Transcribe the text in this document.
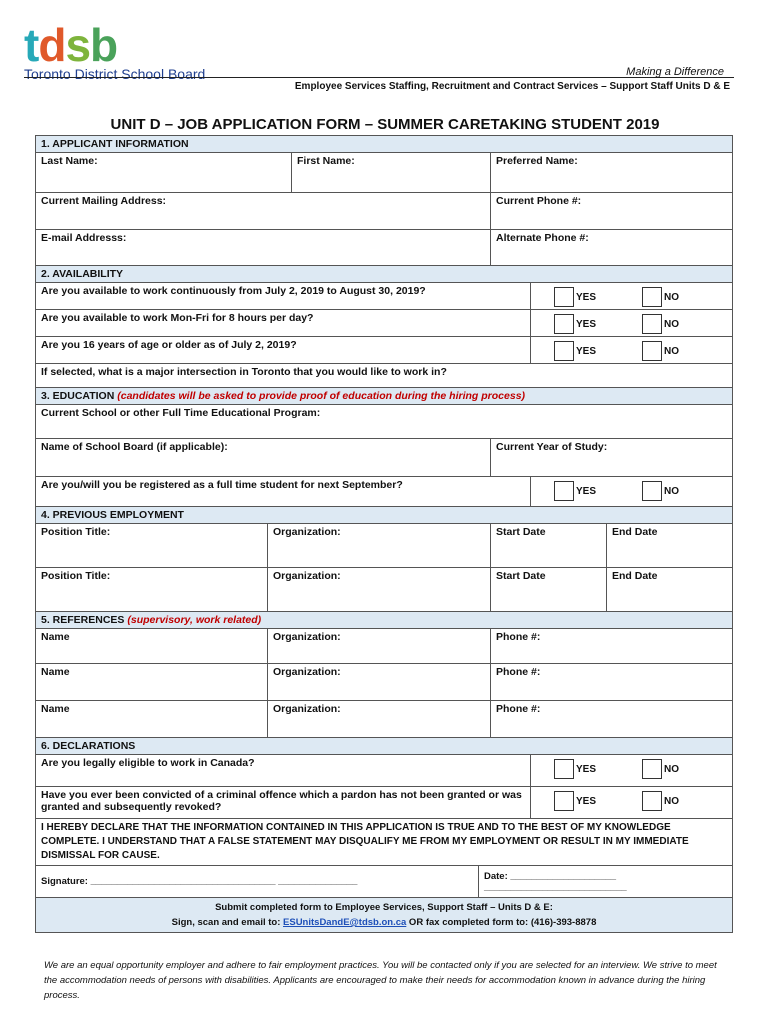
tdsb
Toronto District School Board	Making a Difference
Employee Services Staffing, Recruitment and Contract Services – Support Staff Units D & E
UNIT D – JOB APPLICATION FORM – SUMMER CARETAKING STUDENT 2019
1. APPLICANT INFORMATION						
Last Name:		First Name:		Preferred Name:		
Current Mailing Address:				Current Phone #:		
E-mail Addresss:				Alternate Phone #:		
2. AVAILABILITY						
Are you available to work continuously from July 2, 2019 to August 30, 2019?					YES NO	

Are you available to work Mon-Fri for 8 hours per day?					YES NO	

Are you 16 years of age or older as of July 2, 2019?					YES NO	

If selected, what is a major intersection in Toronto that you would like to work in?						
3. EDUCATION (candidates will be asked to provide proof of education during the hiring process)						
Current School or other Full Time Educational Program:						
Name of School Board (if applicable):				Current Year of Study:		
Are you/will you be registered as a full time student for next September?					YES NO	

4. PREVIOUS EMPLOYMENT						
Position Title:	Organization:			Start Date		End Date
Position Title:	Organization:			Start Date		End Date
5. REFERENCES (supervisory, work related)						
Name	Organization:			Phone #:		
Name	Organization:			Phone #:		
Name	Organization:			Phone #:		
6. DECLARATIONS						
Are you legally eligible to work in Canada?					YES NO	

Have you ever been convicted of a criminal offence which a pardon has not been granted or was granted and subsequently revoked?					YES NO	

I HEREBY DECLARE THAT THE INFORMATION CONTAINED IN THIS APPLICATION IS TRUE AND TO THE BEST OF MY KNOWLEDGE COMPLETE. I UNDERSTAND THAT A FALSE STATEMENT MAY DISQUALIFY ME FROM MY EMPLOYMENT OR RESULT IN MY IMMEDIATE DISMISSAL FOR CAUSE.						
Signature: ___________________________________ _______________			Date: ____________________ ___________________________			

Submit completed form to Employee Services, Support Staff – Units D & E:
Sign, scan and email to: ESUnitsDandE@tdsb.on.ca OR fax completed form to: (416)-393-8878						
We are an equal opportunity employer and adhere to fair employment practices. You will be contacted only if you are selected for an interview. We strive to meet the accommodation needs of persons with disabilities. Applicants are encouraged to make their needs for accommodation known in advance during the hiring process.
